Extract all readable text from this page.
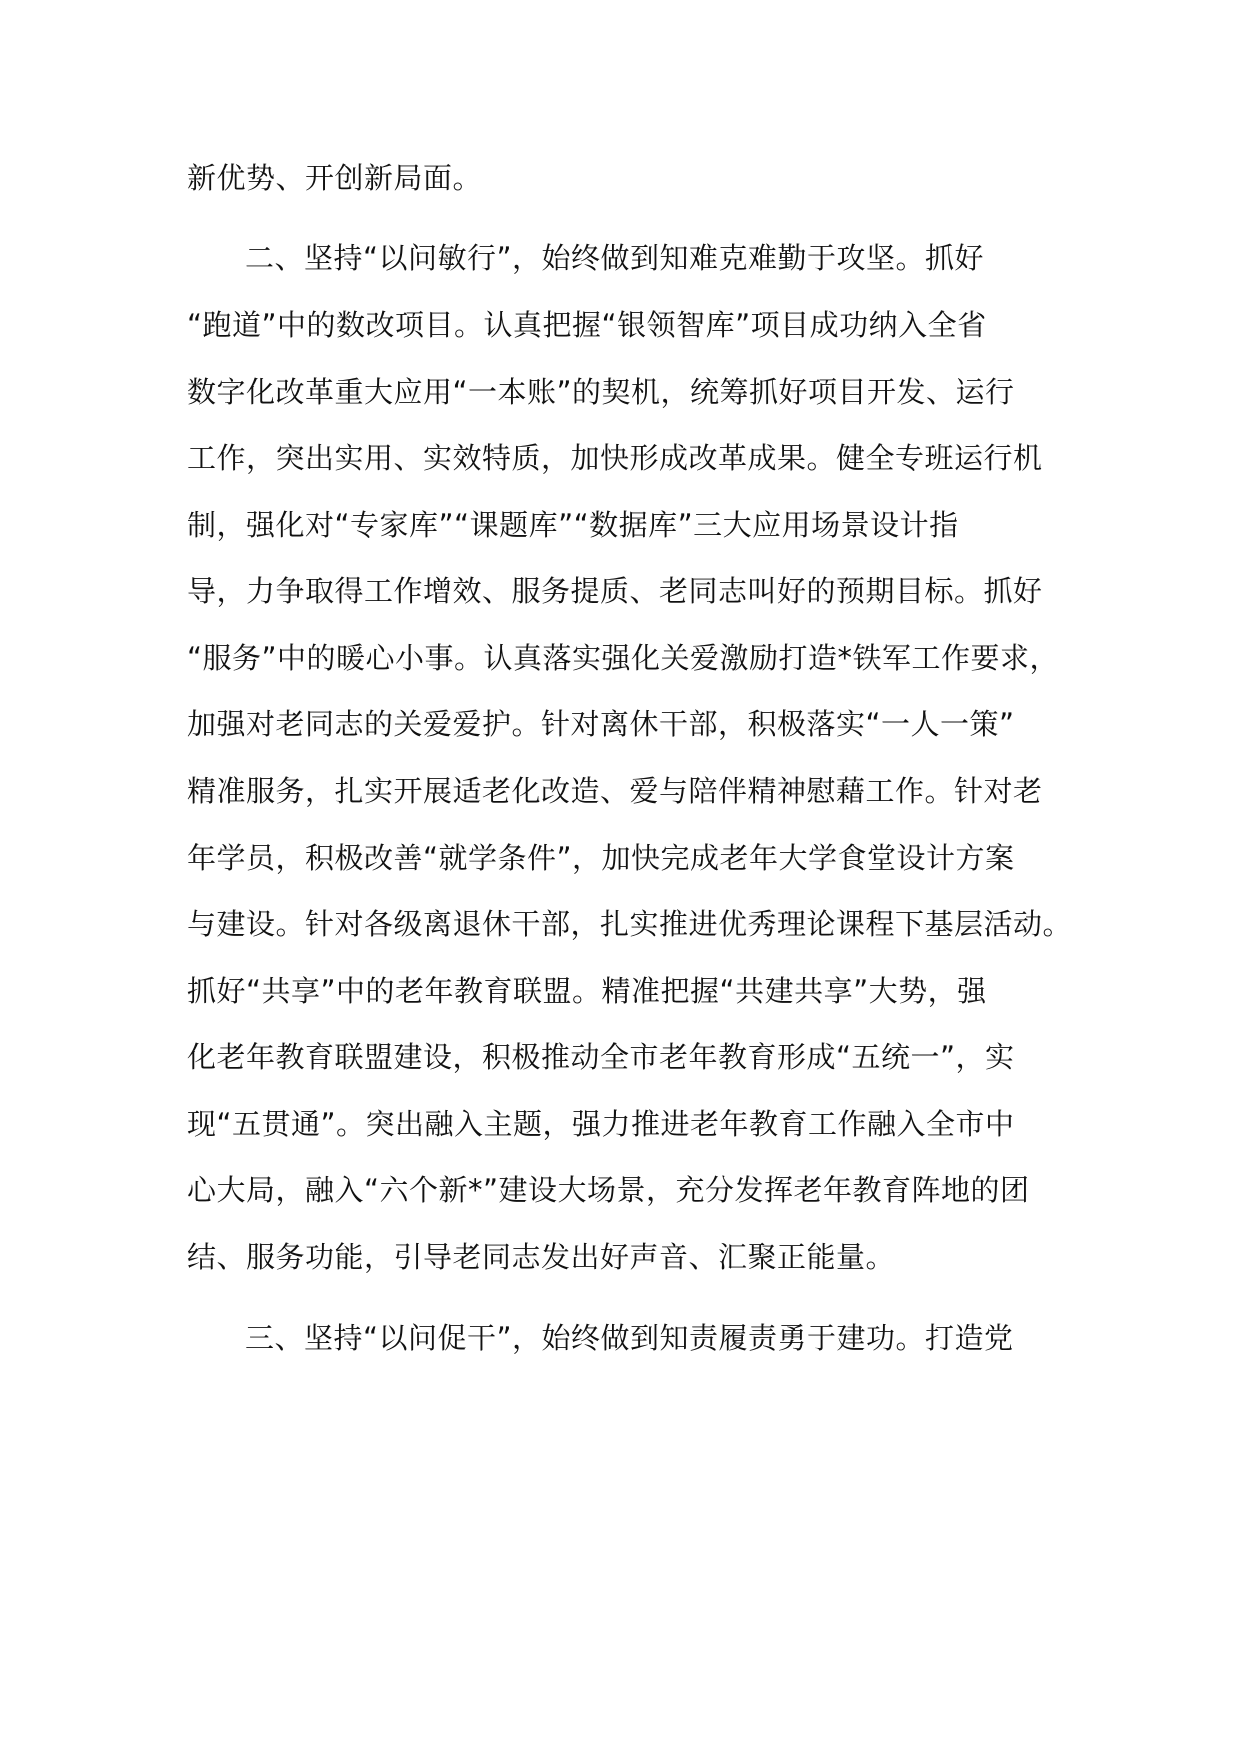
新优势、开创新局面。
二、坚持“以问敏行”，始终做到知难克难勤于攻坚。抓好
“跑道”中的数改项目。认真把握“银领智库”项目成功纳入全省
数字化改革重大应用“一本账”的契机，统筹抓好项目开发、运行
工作，突出实用、实效特质，加快形成改革成果。健全专班运行机
制，强化对“专家库”“课题库”“数据库”三大应用场景设计指
导，力争取得工作增效、服务提质、老同志叫好的预期目标。抓好
“服务”中的暖心小事。认真落实强化关爱激励打造*铁军工作要求，
加强对老同志的关爱爱护。针对离休干部，积极落实“一人一策”
精准服务，扎实开展适老化改造、爱与陪伴精神慰藉工作。针对老
年学员，积极改善“就学条件”，加快完成老年大学食堂设计方案
与建设。针对各级离退休干部，扎实推进优秀理论课程下基层活动。
抓好“共享”中的老年教育联盟。精准把握“共建共享”大势，强
化老年教育联盟建设，积极推动全市老年教育形成“五统一”，实
现“五贯通”。突出融入主题，强力推进老年教育工作融入全市中
心大局，融入“六个新*”建设大场景，充分发挥老年教育阵地的团
结、服务功能，引导老同志发出好声音、汇聚正能量。
三、坚持“以问促干”，始终做到知责履责勇于建功。打造党
